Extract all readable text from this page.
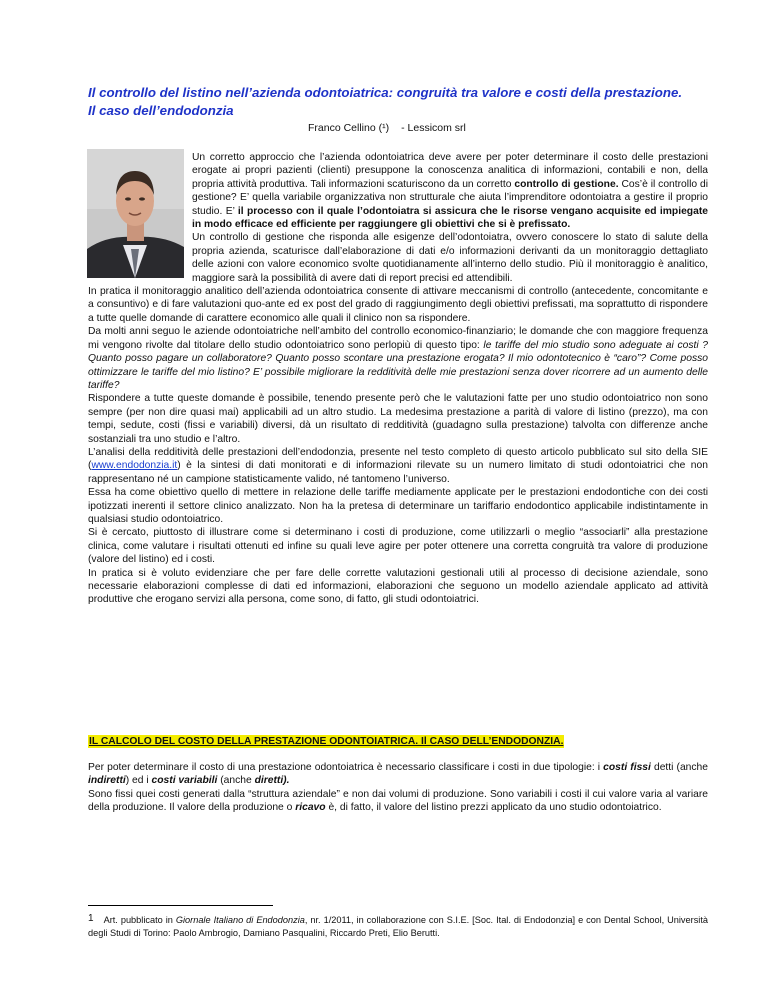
Il controllo del listino nell’azienda odontoiatrica: congruità tra valore e costi della prestazione.
Il caso dell’endodonzia
Franco Cellino (¹) - Lessicom srl

Un corretto approccio che l’azienda odontoiatrica deve avere per poter determinare il costo delle prestazioni erogate ai propri pazienti (clienti) presuppone la conoscenza analitica di informazioni, contabili e non, della propria attività produttiva. Tali informazioni scaturiscono da un corretto controllo di gestione. Cos’è il controllo di gestione? E’ quella variabile organizzativa non strutturale che aiuta l’imprenditore odontoiatra a gestire il proprio studio. E’ il processo con il quale l’odontoiatra si assicura che le risorse vengano acquisite ed impiegate in modo efficace ed efficiente per raggiungere gli obiettivi che si è prefissato.

Un controllo di gestione che risponda alle esigenze dell’odontoiatra, ovvero conoscere lo stato di salute della propria azienda, scaturisce dall’elaborazione di dati e/o informazioni derivanti da un monitoraggio dettagliato delle azioni con valore economico svolte quotidianamente all’interno dello studio. Più il monitoraggio è analitico, maggiore sarà la possibilità di avere dati di report precisi ed attendibili.

In pratica il monitoraggio analitico dell’azienda odontoiatrica consente di attivare meccanismi di controllo (antecedente, concomitante e a consuntivo) e di fare valutazioni quo-ante ed ex post del grado di raggiungimento degli obiettivi prefissati, ma soprattutto di rispondere a tutte quelle domande di carattere economico alle quali il clinico non sa rispondere.

Da molti anni seguo le aziende odontoiatriche nell’ambito del controllo economico-finanziario; le domande che con maggiore frequenza mi vengono rivolte dal titolare dello studio odontoiatrico sono perlopiù di questo tipo: le tariffe del mio studio sono adeguate ai costi ? Quanto posso pagare un collaboratore? Quanto posso scontare una prestazione erogata? Il mio odontotecnico è “caro”? Come posso ottimizzare le tariffe del mio listino? E’ possibile migliorare la redditività delle mie prestazioni senza dover ricorrere ad un aumento delle tariffe?

Rispondere a tutte queste domande è possibile, tenendo presente però che le valutazioni fatte per uno studio odontoiatrico non sono sempre (per non dire quasi mai) applicabili ad un altro studio. La medesima prestazione a parità di valore di listino (prezzo), ma con tempi, sedute, costi (fissi e variabili) diversi, dà un risultato di redditività (guadagno sulla prestazione) talvolta con differenze anche sostanziali tra uno studio e l’altro.

L’analisi della redditività delle prestazioni dell’endodonzia, presente nel testo completo di questo articolo pubblicato sul sito della SIE (www.endodonzia.it) è la sintesi di dati monitorati e di informazioni rilevate su un numero limitato di studi odontoiatrici che non rappresentano né un campione statisticamente valido, né tantomeno l’universo.

Essa ha come obiettivo quello di mettere in relazione delle tariffe mediamente applicate per le prestazioni endodontiche con dei costi ipotizzati inerenti il settore clinico analizzato. Non ha la pretesa di determinare un tariffario endodontico applicabile indistintamente in qualsiasi studio odontoiatrico.

Si è cercato, piuttosto di illustrare come si determinano i costi di produzione, come utilizzarli o meglio “associarli” alla prestazione clinica, come valutare i risultati ottenuti ed infine su quali leve agire per poter ottenere una corretta congruità tra valore di produzione (valore del listino) ed i costi.

In pratica si è voluto evidenziare che per fare delle corrette valutazioni gestionali utili al processo di decisione aziendale, sono necessarie elaborazioni complesse di dati ed informazioni, elaborazioni che seguono un modello aziendale applicato ad attività produttive che erogano servizi alla persona, come sono, di fatto, gli studi odontoiatrici.

IL CALCOLO DEL COSTO DELLA PRESTAZIONE ODONTOIATRICA. Il CASO DELL’ENDODONZIA.

Per poter determinare il costo di una prestazione odontoiatrica è necessario classificare i costi in due tipologie: i costi fissi detti (anche indiretti) ed i costi variabili (anche diretti).

Sono fissi quei costi generati dalla “struttura aziendale” e non dai volumi di produzione. Sono variabili i costi il cui valore varia al variare della produzione. Il valore della produzione o ricavo è, di fatto, il valore del listino prezzi applicato da uno studio odontoiatrico.

$^1$ Art. pubblicato in Giornale Italiano di Endodonzia, nr. 1/2011, in collaborazione con S.I.E. [Soc. Ital. di Endodonzia] e con Dental School, Università degli Studi di Torino: Paolo Ambrogio, Damiano Pasqualini, Riccardo Preti, Elio Berutti.
